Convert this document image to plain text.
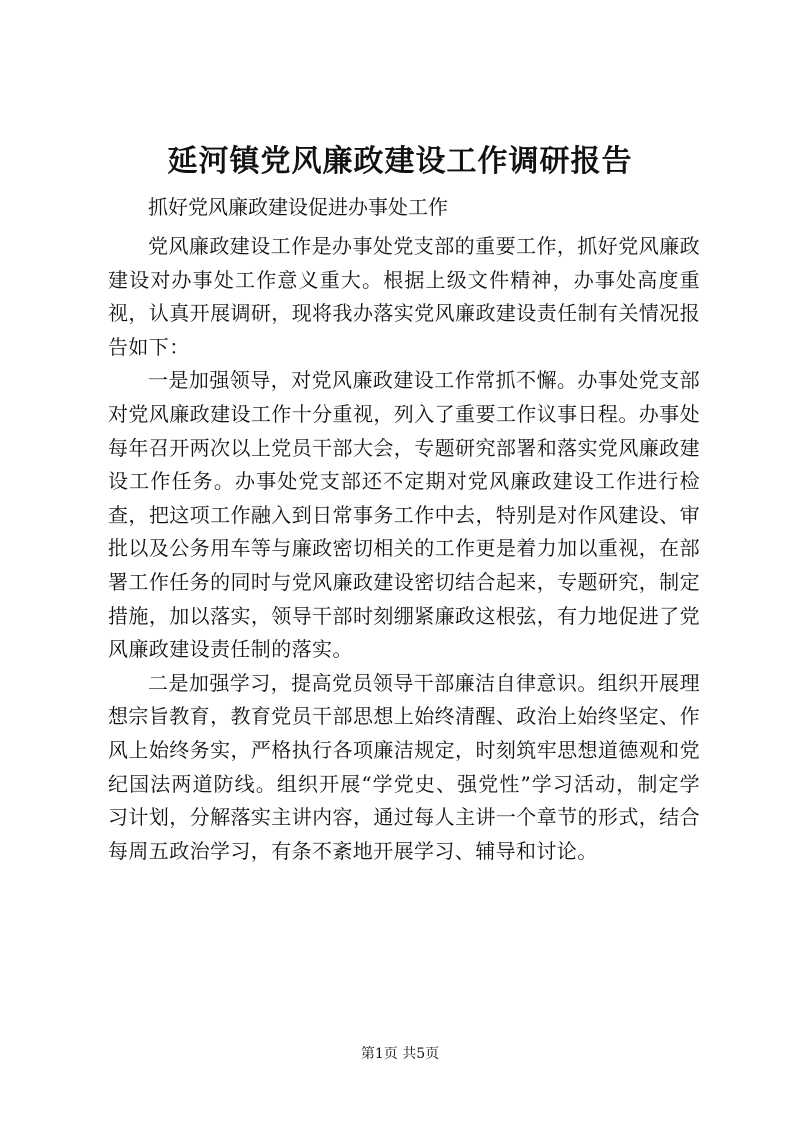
延河镇党风廉政建设工作调研报告

抓好党风廉政建设促进办事处工作

党风廉政建设工作是办事处党支部的重要工作，抓好党风廉政建设对办事处工作意义重大。根据上级文件精神，办事处高度重视，认真开展调研，现将我办落实党风廉政建设责任制有关情况报告如下：

一是加强领导，对党风廉政建设工作常抓不懈。办事处党支部对党风廉政建设工作十分重视，列入了重要工作议事日程。办事处每年召开两次以上党员干部大会，专题研究部署和落实党风廉政建设工作任务。办事处党支部还不定期对党风廉政建设工作进行检查，把这项工作融入到日常事务工作中去，特别是对作风建设、审批以及公务用车等与廉政密切相关的工作更是着力加以重视，在部署工作任务的同时与党风廉政建设密切结合起来，专题研究，制定措施，加以落实，领导干部时刻绷紧廉政这根弦，有力地促进了党风廉政建设责任制的落实。

二是加强学习，提高党员领导干部廉洁自律意识。组织开展理想宗旨教育，教育党员干部思想上始终清醒、政治上始终坚定、作风上始终务实，严格执行各项廉洁规定，时刻筑牢思想道德观和党纪国法两道防线。组织开展“学党史、强党性”学习活动，制定学习计划，分解落实主讲内容，通过每人主讲一个章节的形式，结合每周五政治学习，有条不紊地开展学习、辅导和讨论。

第1页 共5页
